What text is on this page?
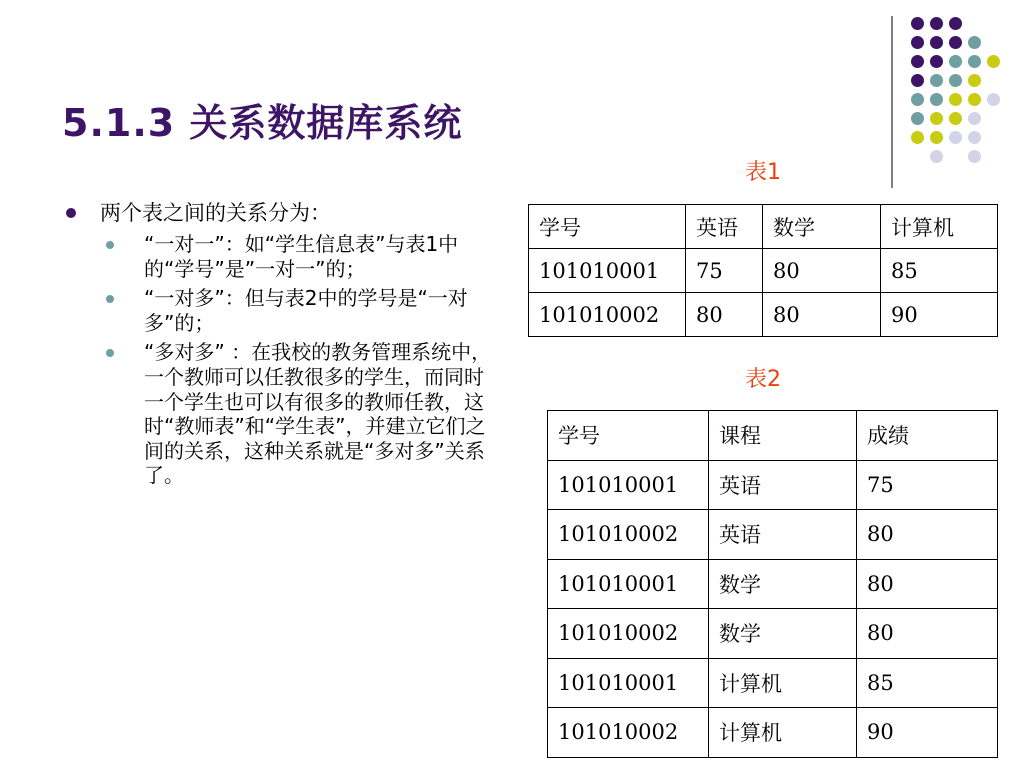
5.1.3 关系数据库系统
两个表之间的关系分为：
“一对一”：如“学生信息表”与表1中的“学号”是”一对一”的；
“一对多”：但与表2中的学号是“一对多”的；
“多对多” ：在我校的教务管理系统中，一个教师可以任教很多的学生，而同时一个学生也可以有很多的教师任教，这时“教师表”和“学生表”，并建立它们之间的关系，这种关系就是“多对多”关系了。
表1
学号	英语	数学	计算机
101010001	75	80	85
101010002	80	80	90
表2
学号	课程	成绩
101010001	英语	75
101010002	英语	80
101010001	数学	80
101010002	数学	80
101010001	计算机	85
101010002	计算机	90
